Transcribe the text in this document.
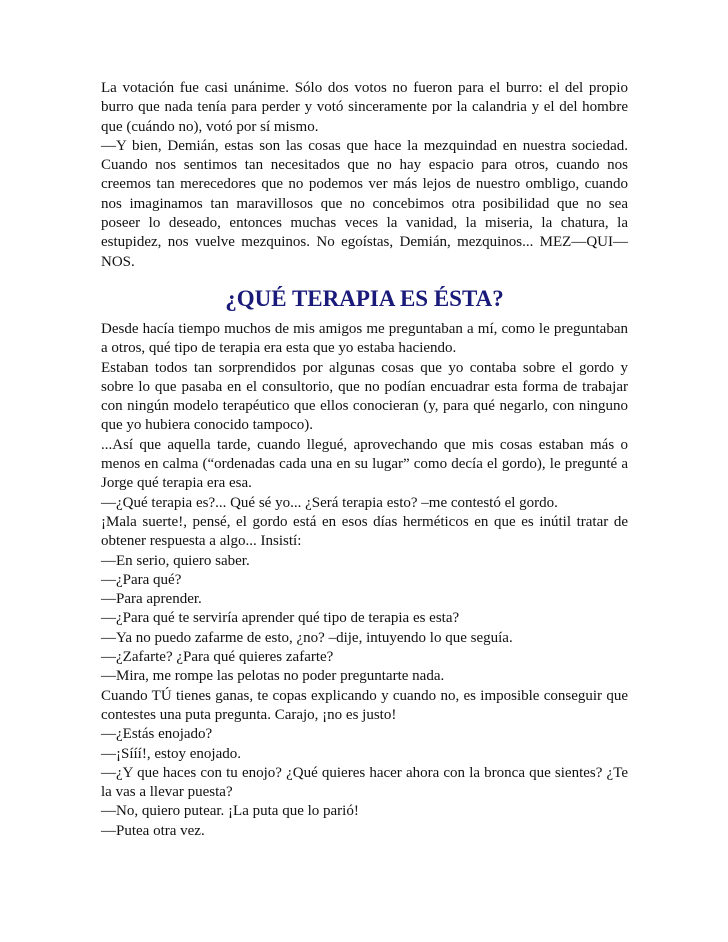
La votación fue casi unánime. Sólo dos votos no fueron para el burro: el del propio burro que nada tenía para perder y votó sinceramente por la calandria y el del hombre que (cuándo no), votó por sí mismo.

—Y bien, Demián, estas son las cosas que hace la mezquindad en nuestra sociedad. Cuando nos sentimos tan necesitados que no hay espacio para otros, cuando nos creemos tan merecedores que no podemos ver más lejos de nuestro ombligo, cuando nos imaginamos tan maravillosos que no concebimos otra posibilidad que no sea poseer lo deseado, entonces muchas veces la vanidad, la miseria, la chatura, la estupidez, nos vuelve mezquinos. No egoístas, Demián, mezquinos... MEZ—QUI—NOS.

¿QUÉ TERAPIA ES ÉSTA?

Desde hacía tiempo muchos de mis amigos me preguntaban a mí, como le preguntaban a otros, qué tipo de terapia era esta que yo estaba haciendo.

Estaban todos tan sorprendidos por algunas cosas que yo contaba sobre el gordo y sobre lo que pasaba en el consultorio, que no podían encuadrar esta forma de trabajar con ningún modelo terapéutico que ellos conocieran (y, para qué negarlo, con ninguno que yo hubiera conocido tampoco).

...Así que aquella tarde, cuando llegué, aprovechando que mis cosas estaban más o menos en calma (“ordenadas cada una en su lugar” como decía el gordo), le pregunté a Jorge qué terapia era esa.

—¿Qué terapia es?... Qué sé yo... ¿Será terapia esto? –me contestó el gordo.

¡Mala suerte!, pensé, el gordo está en esos días herméticos en que es inútil tratar de obtener respuesta a algo... Insistí:

—En serio, quiero saber.

—¿Para qué?

—Para aprender.

—¿Para qué te serviría aprender qué tipo de terapia es esta?

—Ya no puedo zafarme de esto, ¿no? –dije, intuyendo lo que seguía.

—¿Zafarte? ¿Para qué quieres zafarte?

—Mira, me rompe las pelotas no poder preguntarte nada.

Cuando TÚ tienes ganas, te copas explicando y cuando no, es imposible conseguir que contestes una puta pregunta. Carajo, ¡no es justo!

—¿Estás enojado?

—¡Sííí!, estoy enojado.

—¿Y que haces con tu enojo? ¿Qué quieres hacer ahora con la bronca que sientes? ¿Te la vas a llevar puesta?

—No, quiero putear. ¡La puta que lo parió!

—Putea otra vez.
